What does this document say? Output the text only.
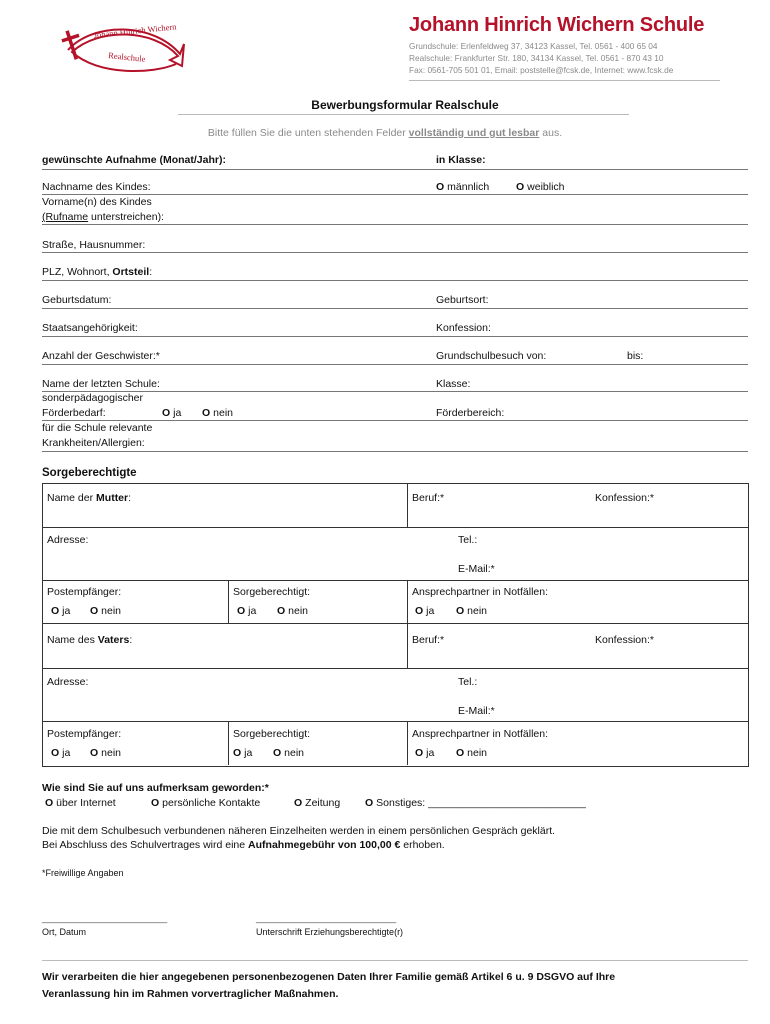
Johann Hinrich Wichern
Realschule
Johann Hinrich Wichern Schule
Grundschule: Erlenfeldweg 37, 34123 Kassel, Tel. 0561 - 400 65 04
Realschule: Frankfurter Str. 180, 34134 Kassel, Tel. 0561 - 870 43 10
Fax: 0561-705 501 01, Email: poststelle@fcsk.de, Internet: www.fcsk.de
Bewerbungsformular Realschule
Bitte füllen Sie die unten stehenden Felder vollständig und gut lesbar aus.
gewünschte Aufnahme (Monat/Jahr):	in Klasse:
Nachname des Kindes:	O männlich	O weiblich
Vorname(n) des Kindes
(Rufname unterstreichen):
Straße, Hausnummer:
PLZ, Wohnort, Ortsteil:
Geburtsdatum:	Geburtsort:
Staatsangehörigkeit:	Konfession:
Anzahl der Geschwister:*	Grundschulbesuch von:	bis:
Name der letzten Schule:	Klasse:
sonderpädagogischer
Förderbedarf:	O ja O nein	Förderbereich:
für die Schule relevante
Krankheiten/Allergien:
Sorgeberechtigte
Name der Mutter:	Beruf:*	Konfession:*
Adresse:	Tel.:
E-Mail:*
Postempfänger:
O ja O nein
Sorgeberechtigt:
O ja O nein
Ansprechpartner in Notfällen:
O ja O nein
Name des Vaters:	Beruf:*	Konfession:*
Adresse:	Tel.:
E-Mail:*
Postempfänger:
O ja O nein
Sorgeberechtigt:
O ja O nein
Ansprechpartner in Notfällen:
O ja O nein
Wie sind Sie auf uns aufmerksam geworden:*
O über Internet	O persönliche Kontakte	O Zeitung O Sonstiges: ___________________________
Die mit dem Schulbesuch verbundenen näheren Einzelheiten werden in einem persönlichen Gespräch geklärt.
Bei Abschluss des Schulvertrages wird eine Aufnahmegebühr von 100,00 € erhoben.
*Freiwillige Angaben
_________________________	____________________________
Ort, Datum	Unterschrift Erziehungsberechtigte(r)
Wir verarbeiten die hier angegebenen personenbezogenen Daten Ihrer Familie gemäß Artikel 6 u. 9 DSGVO auf Ihre
Veranlassung hin im Rahmen vorvertraglicher Maßnahmen.
